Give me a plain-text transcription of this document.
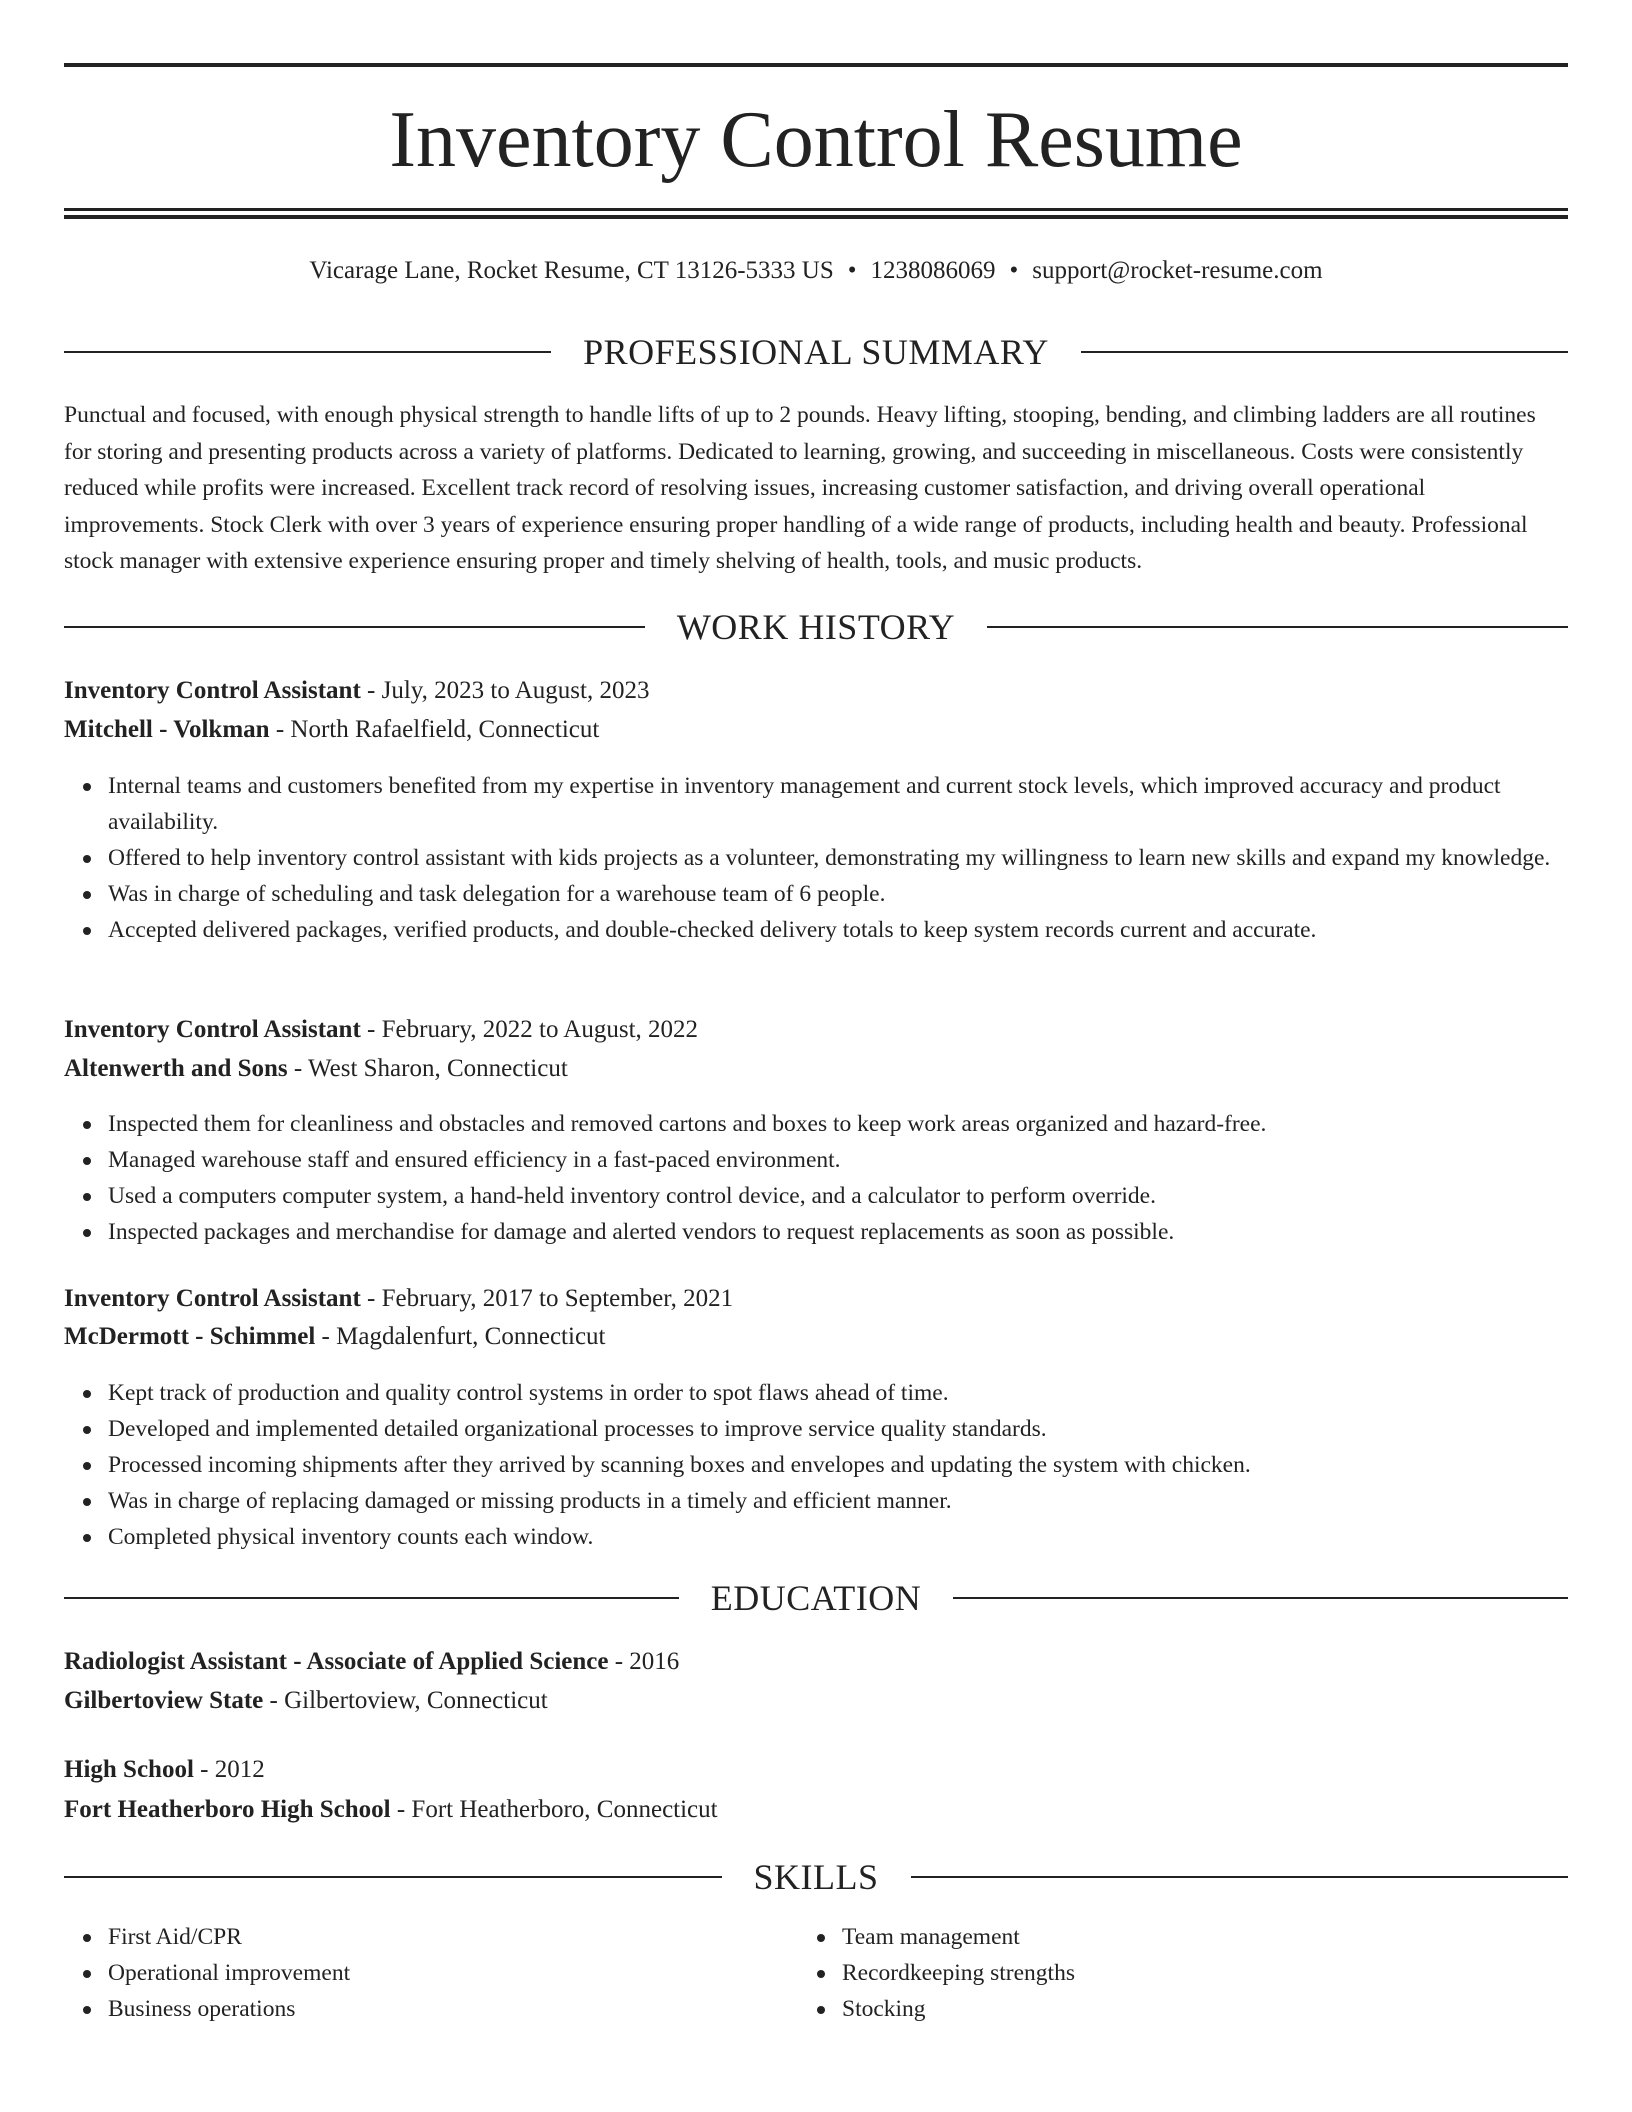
Inventory Control Resume
Vicarage Lane, Rocket Resume, CT 13126-5333 US • 1238086069 • support@rocket-resume.com
PROFESSIONAL SUMMARY

Punctual and focused, with enough physical strength to handle lifts of up to 2 pounds. Heavy lifting, stooping, bending, and climbing ladders are all routines for storing and presenting products across a variety of platforms. Dedicated to learning, growing, and succeeding in miscellaneous. Costs were consistently reduced while profits were increased. Excellent track record of resolving issues, increasing customer satisfaction, and driving overall operational improvements. Stock Clerk with over 3 years of experience ensuring proper handling of a wide range of products, including health and beauty. Professional stock manager with extensive experience ensuring proper and timely shelving of health, tools, and music products.

WORK HISTORY
Inventory Control Assistant - July, 2023 to August, 2023
Mitchell - Volkman - North Rafaelfield, Connecticut
Internal teams and customers benefited from my expertise in inventory management and current stock levels, which improved accuracy and product availability.
Offered to help inventory control assistant with kids projects as a volunteer, demonstrating my willingness to learn new skills and expand my knowledge.
Was in charge of scheduling and task delegation for a warehouse team of 6 people.
Accepted delivered packages, verified products, and double-checked delivery totals to keep system records current and accurate.
Inventory Control Assistant - February, 2022 to August, 2022
Altenwerth and Sons - West Sharon, Connecticut
Inspected them for cleanliness and obstacles and removed cartons and boxes to keep work areas organized and hazard-free.
Managed warehouse staff and ensured efficiency in a fast-paced environment.
Used a computers computer system, a hand-held inventory control device, and a calculator to perform override.
Inspected packages and merchandise for damage and alerted vendors to request replacements as soon as possible.
Inventory Control Assistant - February, 2017 to September, 2021
McDermott - Schimmel - Magdalenfurt, Connecticut
Kept track of production and quality control systems in order to spot flaws ahead of time.
Developed and implemented detailed organizational processes to improve service quality standards.
Processed incoming shipments after they arrived by scanning boxes and envelopes and updating the system with chicken.
Was in charge of replacing damaged or missing products in a timely and efficient manner.
Completed physical inventory counts each window.
EDUCATION
Radiologist Assistant - Associate of Applied Science - 2016
Gilbertoview State - Gilbertoview, Connecticut
High School - 2012
Fort Heatherboro High School - Fort Heatherboro, Connecticut
SKILLS
First Aid/CPR
Operational improvement
Business operations
Team management
Recordkeeping strengths
Stocking
